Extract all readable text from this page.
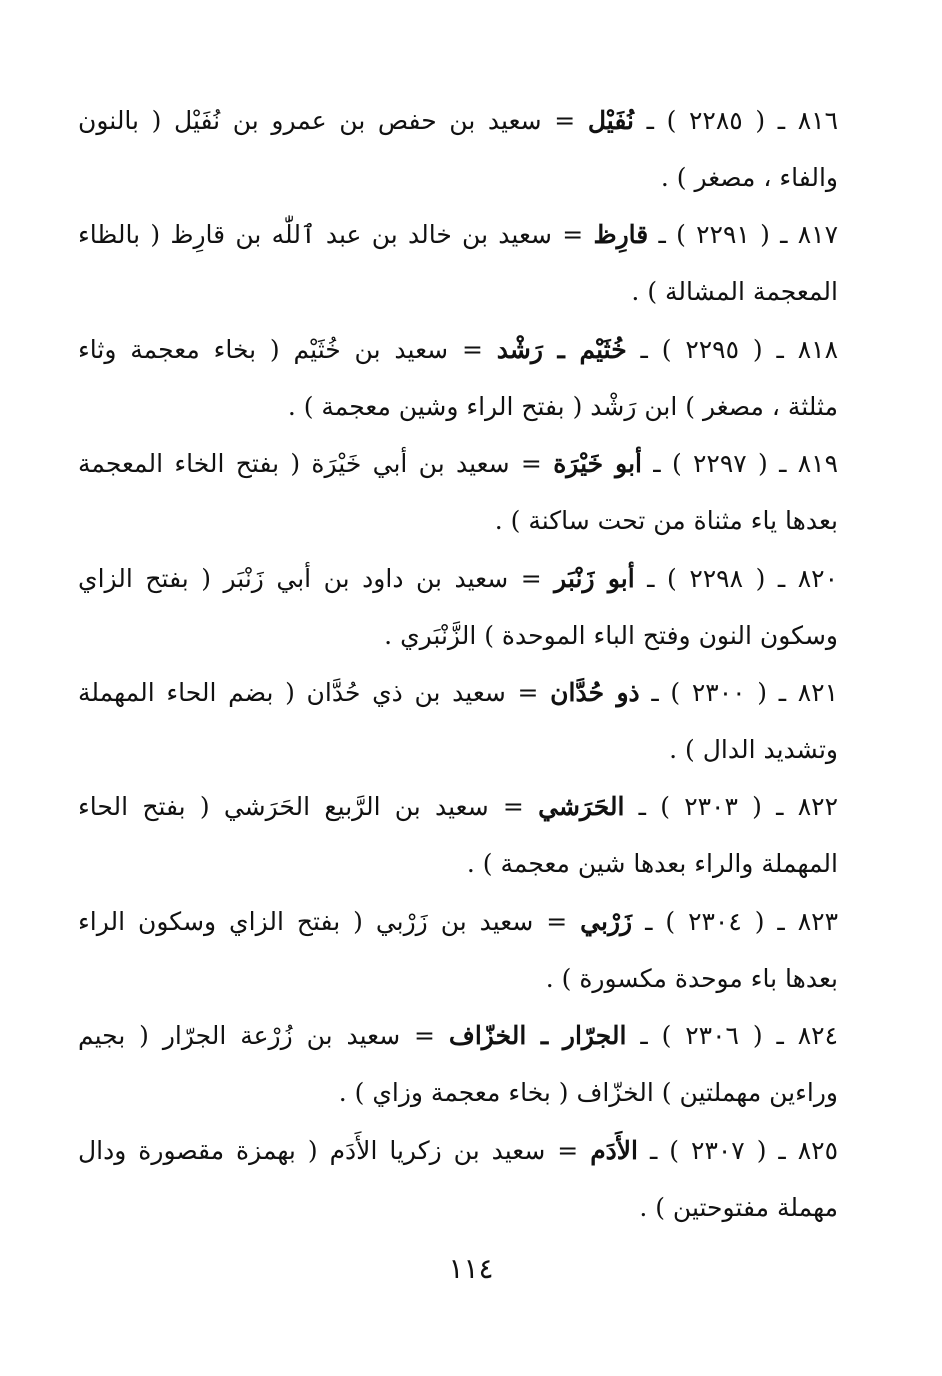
٨١٦ ـ ( ٢٢٨٥ ) ـ نُفَيْل = سعيد بن حفص بن عمرو بن نُفَيْل ( بالنون
والفاء ، مصغر ) .
٨١٧ ـ ( ٢٢٩١ ) ـ قارِظ = سعيد بن خالد بن عبد ٱللّٰه بن قارِظ ( بالظاء
المعجمة المشالة ) .
٨١٨ ـ ( ٢٢٩٥ ) ـ خُثَيْم ـ رَشْد = سعيد بن خُثَيْم ( بخاء معجمة وثاء
مثلثة ، مصغر ) ابن رَشْد ( بفتح الراء وشين معجمة ) .
٨١٩ ـ ( ٢٢٩٧ ) ـ أبو خَيْرَة = سعيد بن أبي خَيْرَة ( بفتح الخاء المعجمة
بعدها ياء مثناة من تحت ساكنة ) .
٨٢٠ ـ ( ٢٢٩٨ ) ـ أبو زَنْبَر = سعيد بن داود بن أبي زَنْبَر ( بفتح الزاي
وسكون النون وفتح الباء الموحدة ) الزَّنْبَري .
٨٢١ ـ ( ٢٣٠٠ ) ـ ذو حُدَّان = سعيد بن ذي حُدَّان ( بضم الحاء المهملة
وتشديد الدال ) .
٨٢٢ ـ ( ٢٣٠٣ ) ـ الحَرَشي = سعيد بن الرَّبيع الحَرَشي ( بفتح الحاء
المهملة والراء بعدها شين معجمة ) .
٨٢٣ ـ ( ٢٣٠٤ ) ـ زَرْبي = سعيد بن زَرْبي ( بفتح الزاي وسكون الراء
بعدها باء موحدة مكسورة ) .
٨٢٤ ـ ( ٢٣٠٦ ) ـ الجرّار ـ الخزّاف = سعيد بن زُرْعة الجرّار ( بجيم
وراءين مهملتين ) الخزّاف ( بخاء معجمة وزاي ) .
٨٢٥ ـ ( ٢٣٠٧ ) ـ الأَدَم = سعيد بن زكريا الأَدَم ( بهمزة مقصورة ودال
مهملة مفتوحتين ) .
١١٤
